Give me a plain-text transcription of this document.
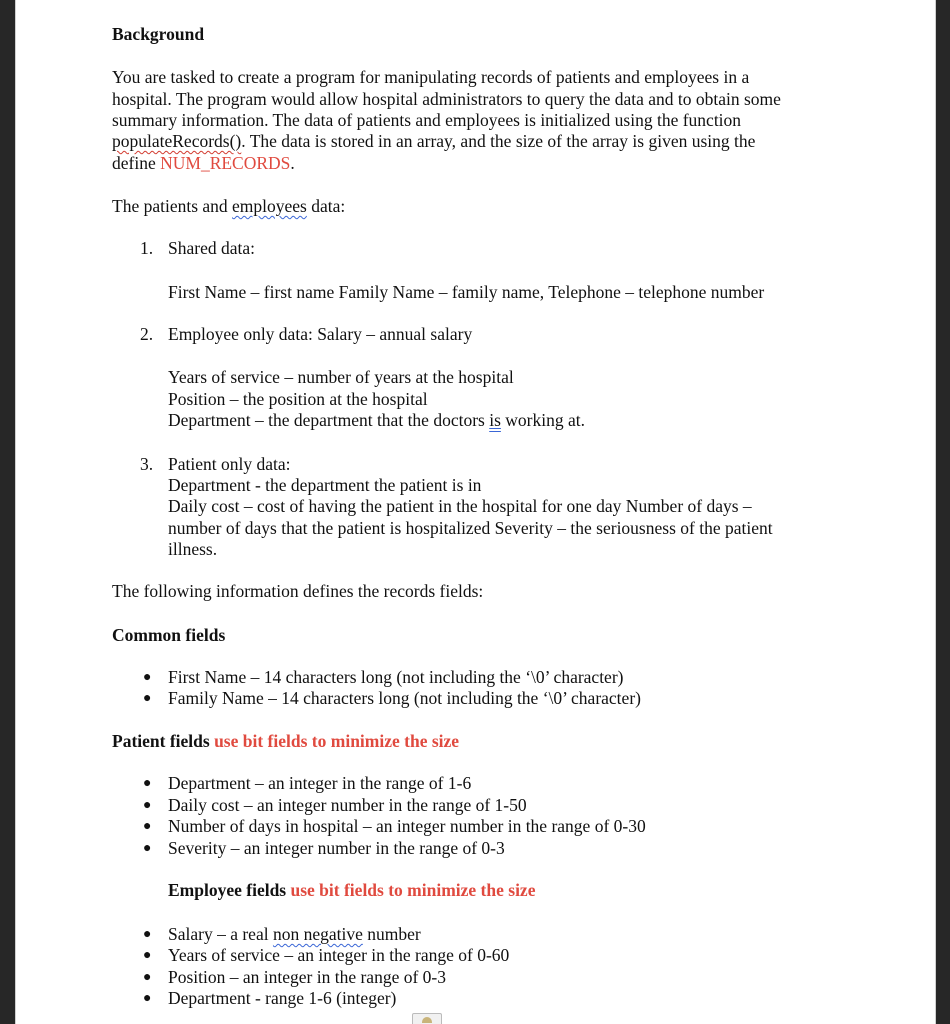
Background

You are tasked to create a program for manipulating records of patients and employees in a

hospital. The program would allow hospital administrators to query the data and to obtain some

summary information. The data of patients and employees is initialized using the function

populateRecords(). The data is stored in an array, and the size of the array is given using the

define NUM_RECORDS.

The patients and employees data:

1. Shared data:

First Name – first name Family Name – family name, Telephone – telephone number

2. Employee only data: Salary – annual salary

Years of service – number of years at the hospital

Position – the position at the hospital

Department – the department that the doctors is working at.

3. Patient only data:

Department - the department the patient is in

Daily cost – cost of having the patient in the hospital for one day Number of days –

number of days that the patient is hospitalized Severity – the seriousness of the patient

illness.

The following information defines the records fields:

Common fields

● First Name – 14 characters long (not including the ‘\0’ character)

● Family Name – 14 characters long (not including the ‘\0’ character)

Patient fields use bit fields to minimize the size

● Department – an integer in the range of 1-6

● Daily cost – an integer number in the range of 1-50

● Number of days in hospital – an integer number in the range of 0-30

● Severity – an integer number in the range of 0-3

Employee fields use bit fields to minimize the size

● Salary – a real non negative number

● Years of service – an integer in the range of 0-60

● Position – an integer in the range of 0-3

● Department - range 1-6 (integer)
